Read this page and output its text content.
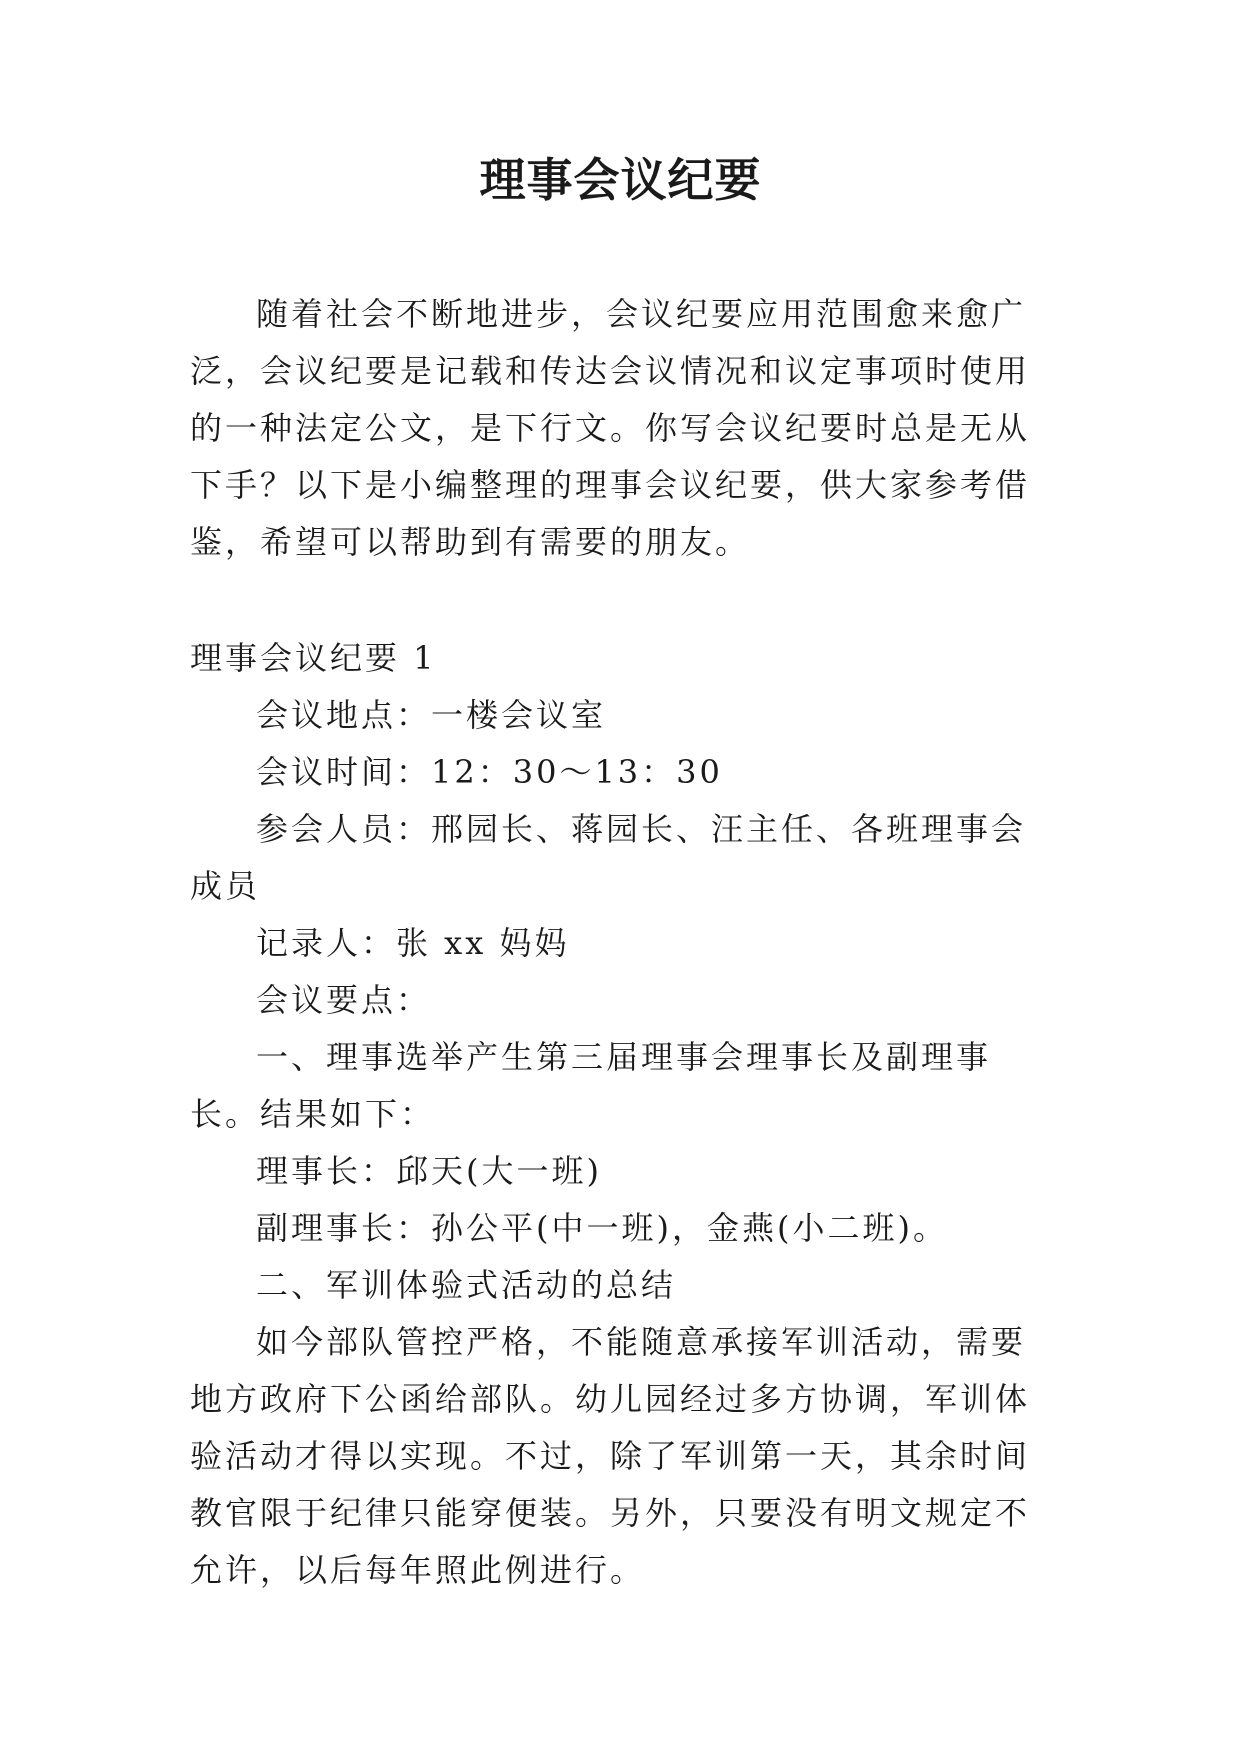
理事会议纪要

随着社会不断地进步，会议纪要应用范围愈来愈广泛，会议纪要是记载和传达会议情况和议定事项时使用的一种法定公文，是下行文。你写会议纪要时总是无从下手？以下是小编整理的理事会议纪要，供大家参考借鉴，希望可以帮助到有需要的朋友。

理事会议纪要 1

会议地点：一楼会议室

会议时间：12：30～13：30

参会人员：邢园长、蒋园长、汪主任、各班理事会成员

记录人：张 xx 妈妈

会议要点：

一、理事选举产生第三届理事会理事长及副理事长。结果如下：

理事长：邱天(大一班)

副理事长：孙公平(中一班)，金燕(小二班)。

二、军训体验式活动的总结

如今部队管控严格，不能随意承接军训活动，需要地方政府下公函给部队。幼儿园经过多方协调，军训体验活动才得以实现。不过，除了军训第一天，其余时间教官限于纪律只能穿便装。另外，只要没有明文规定不允许，以后每年照此例进行。
